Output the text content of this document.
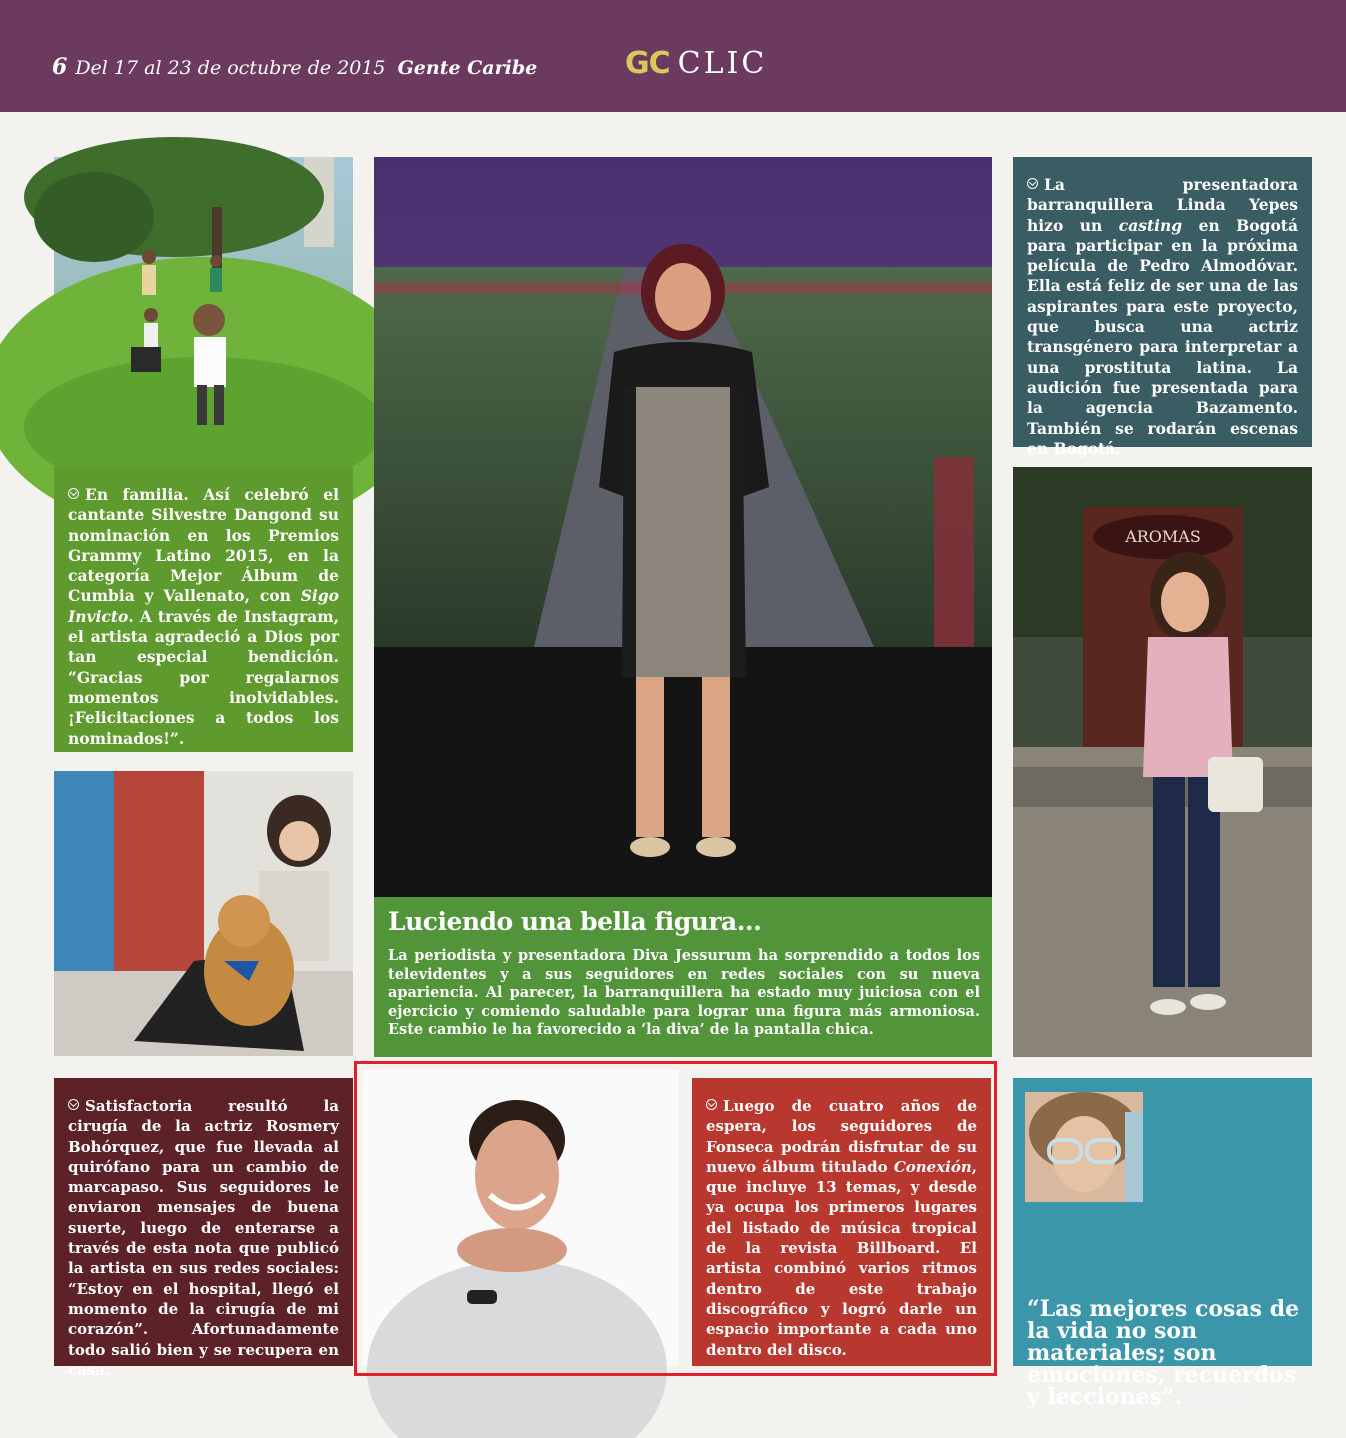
6 Del 17 al 23 de octubre de 2015 Gente Caribe	GC CLIC

En familia. Así celebró el cantante Silvestre Dangond su nominación en los Premios Grammy Latino 2015, en la categoría Mejor Álbum de Cumbia y Vallenato, con Sigo Invicto. A través de Instagram, el artista agradeció a Dios por tan especial bendición. “Gracias por regalarnos momentos inolvidables. ¡Felicitaciones a todos los nominados!”.

Satisfactoria resultó la cirugía de la actriz Rosmery Bohórquez, que fue llevada al quirófano para un cambio de marcapaso. Sus seguidores le enviaron mensajes de buena suerte, luego de enterarse a través de esta nota que publicó la artista en sus redes sociales: “Estoy en el hospital, llegó el momento de la cirugía de mi corazón”. Afortunadamente todo salió bien y se recupera en casa.

Luciendo una bella figura...
La periodista y presentadora Diva Jessurum ha sorprendido a todos los televidentes y a sus seguidores en redes sociales con su nueva apariencia. Al parecer, la barranquillera ha estado muy juiciosa con el ejercicio y comiendo saludable para lograr una figura más armoniosa. Este cambio le ha favorecido a ‘la diva’ de la pantalla chica.

Luego de cuatro años de espera, los seguidores de Fonseca podrán disfrutar de su nuevo álbum titulado Conexión, que incluye 13 temas, y desde ya ocupa los primeros lugares del listado de música tropical de la revista Billboard. El artista combinó varios ritmos dentro de este trabajo discográfico y logró darle un espacio importante a cada uno dentro del disco.

La presentadora barranquillera Linda Yepes hizo un casting en Bogotá para participar en la próxima película de Pedro Almodóvar. Ella está feliz de ser una de las aspirantes para este proyecto, que busca una actriz transgénero para interpretar a una prostituta latina. La audición fue presentada para la agencia Bazamento. También se rodarán escenas en Bogotá.

AROMAS
“Las mejores cosas de la vida no son materiales; son emociones, recuerdos y lecciones”. KATHERINE PORTO
